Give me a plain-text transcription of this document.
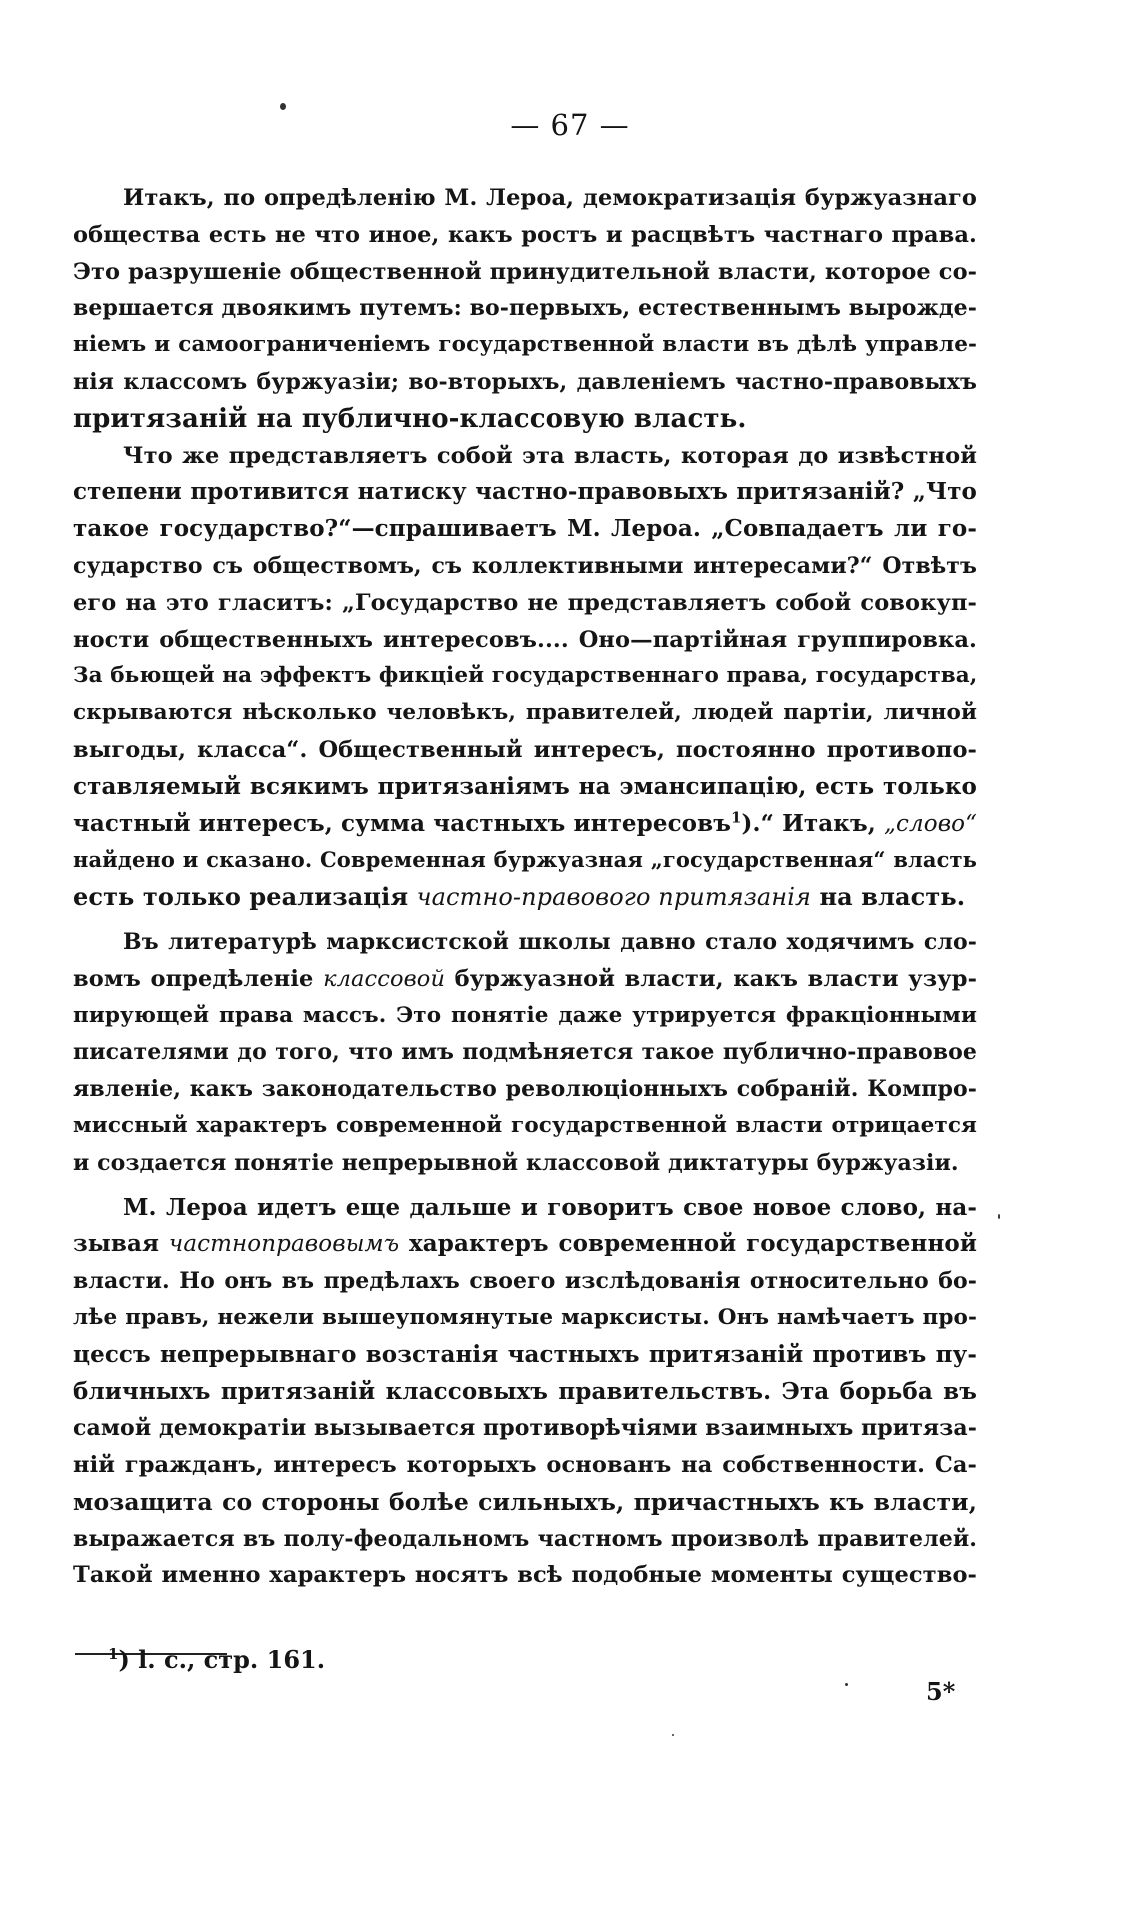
— 67 —
Итакъ, по опредѣленію М. Лероа, демократизація буржуазнаго
общества есть не что иное, какъ ростъ и расцвѣтъ частнаго права.
Это разрушеніе общественной принудительной власти, которое со-
вершается двоякимъ путемъ: во-первыхъ, естественнымъ вырожде-
ніемъ и самоограниченіемъ государственной власти въ дѣлѣ управле-
нія классомъ буржуазіи; во-вторыхъ, давленіемъ частно-правовыхъ
притязаній на публично-классовую власть.
Что же представляетъ собой эта власть, которая до извѣстной
степени противится натиску частно-правовыхъ притязаній? „Что
такое государство?“—спрашиваетъ М. Лероа. „Совпадаетъ ли го-
сударство съ обществомъ, съ коллективными интересами?“ Отвѣтъ
его на это гласитъ: „Государство не представляетъ собой совокуп-
ности общественныхъ интересовъ.... Оно—партійная группировка.
За бьющей на эффектъ фикціей государственнаго права, государства,
скрываются нѣсколько человѣкъ, правителей, людей партіи, личной
выгоды, класса“. Общественный интересъ, постоянно противопо-
ставляемый всякимъ притязаніямъ на эмансипацію, есть только
частный интересъ, сумма частныхъ интересовъ$^1$).“ Итакъ, „слово“
найдено и сказано. Современная буржуазная „государственная“ власть
есть только реализація частно-правового притязанія на власть.
Въ литературѣ марксистской школы давно стало ходячимъ сло-
вомъ опредѣленіе классовой буржуазной власти, какъ власти узур-
пирующей права массъ. Это понятіе даже утрируется фракціонными
писателями до того, что имъ подмѣняется такое публично-правовое
явленіе, какъ законодательство революціонныхъ собраній. Компро-
миссный характеръ современной государственной власти отрицается
и создается понятіе непрерывной классовой диктатуры буржуазіи.
М. Лероа идетъ еще дальше и говоритъ свое новое слово, на-
зывая частноправовымъ характеръ современной государственной
власти. Но онъ въ предѣлахъ своего изслѣдованія относительно бо-
лѣе правъ, нежели вышеупомянутые марксисты. Онъ намѣчаетъ про-
цессъ непрерывнаго возстанія частныхъ притязаній противъ пу-
бличныхъ притязаній классовыхъ правительствъ. Эта борьба въ
самой демократіи вызывается противорѣчіями взаимныхъ притяза-
ній гражданъ, интересъ которыхъ основанъ на собственности. Са-
мозащита со стороны болѣе сильныхъ, причастныхъ къ власти,
выражается въ полу-феодальномъ частномъ произволѣ правителей.
Такой именно характеръ носятъ всѣ подобные моменты существо-
$^1$) l. с., стр. 161.
5*
